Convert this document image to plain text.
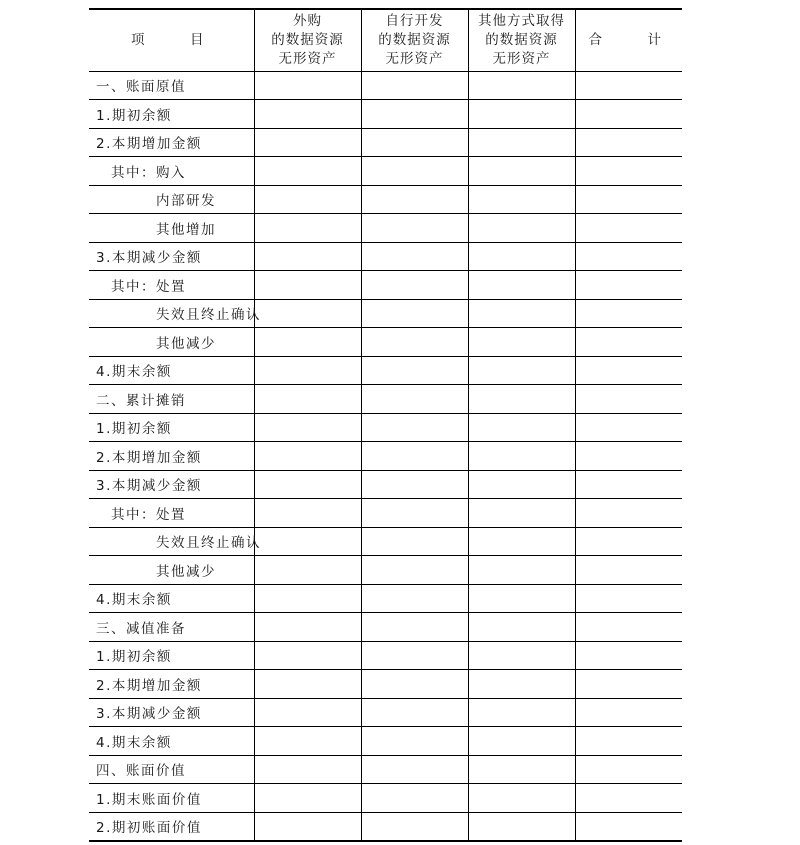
项　目	外购
的数据资源
无形资产	自行开发
的数据资源
无形资产	其他方式取得
的数据资源
无形资产	合　计
一、账面原值				
1.期初余额				
2.本期增加金额				
其中：购入				
内部研发				
其他增加				
3.本期减少金额				
其中：处置				
失效且终止确认				
其他减少				
4.期末余额				
二、累计摊销				
1.期初余额				
2.本期增加金额				
3.本期减少金额				
其中：处置				
失效且终止确认				
其他减少				
4.期末余额				
三、减值准备				
1.期初余额				
2.本期增加金额				
3.本期减少金额				
4.期末余额				
四、账面价值				
1.期末账面价值				
2.期初账面价值				
